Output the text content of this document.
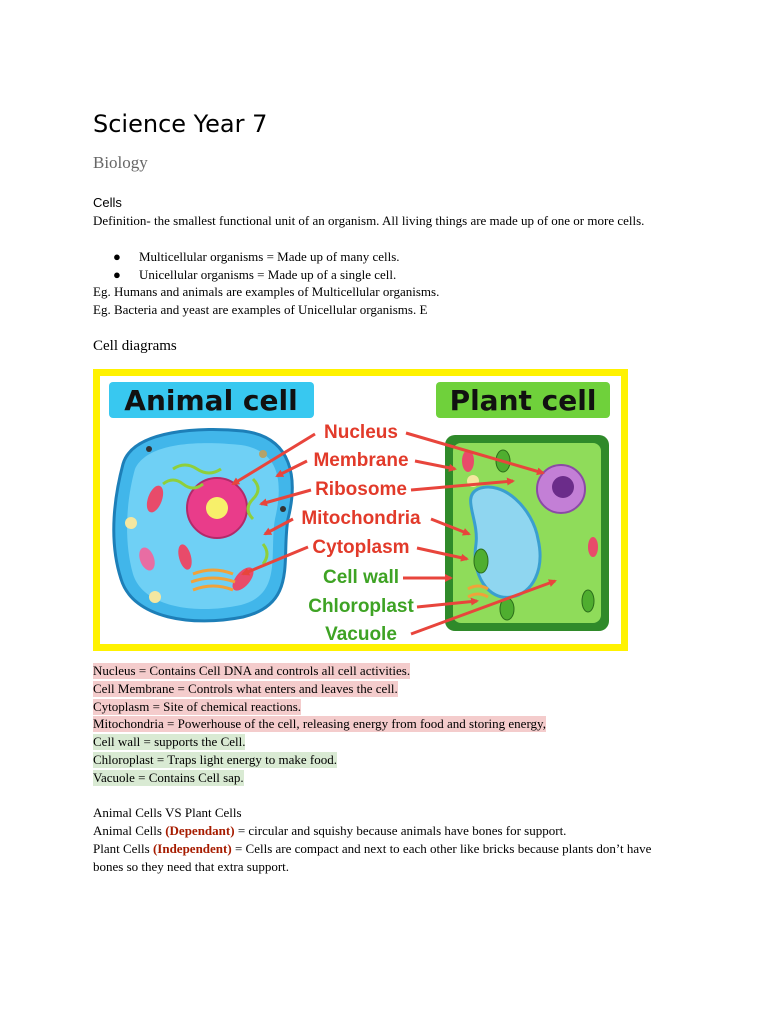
Science Year 7
Biology
Cells
Definition- the smallest functional unit of an organism. All living things are made up of one or more cells.
● Multicellular organisms = Made up of many cells.
● Unicellular organisms = Made up of a single cell.
Eg. Humans and animals are examples of Multicellular organisms.
Eg. Bacteria and yeast are examples of Unicellular organisms. E
Cell diagrams
Animal cell	Plant cell
Nucleus
Membrane
Ribosome
Mitochondria
Cytoplasm
Cell wall
Chloroplast
Vacuole
Nucleus = Contains Cell DNA and controls all cell activities.
Cell Membrane = Controls what enters and leaves the cell.
Cytoplasm = Site of chemical reactions.
Mitochondria = Powerhouse of the cell, releasing energy from food and storing energy,
Cell wall = supports the Cell.
Chloroplast = Traps light energy to make food.
Vacuole = Contains Cell sap.
Animal Cells VS Plant Cells
Animal Cells (Dependant) = circular and squishy because animals have bones for support.
Plant Cells (Independent) = Cells are compact and next to each other like bricks because plants don’t have bones so they need that extra support.
